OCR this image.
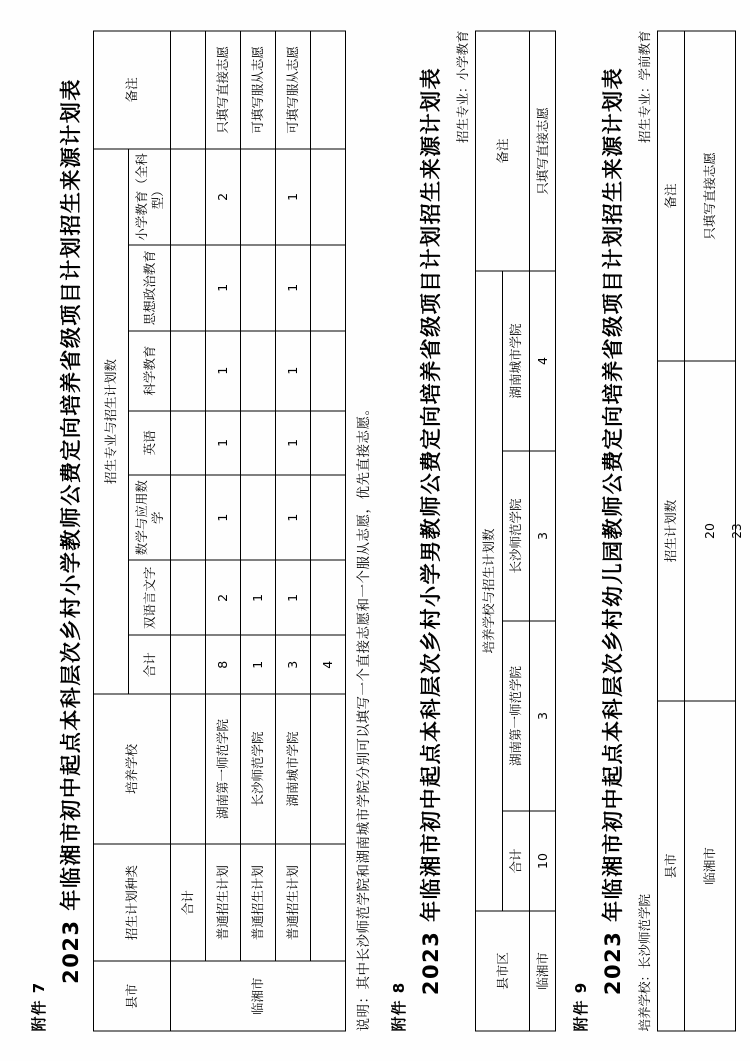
附件 7
2023 年临湘市初中起点本科层次乡村小学教师公费定向培养省级项目计划招生来源计划表
县市	招生计划种类	培养学校	招生专业与招生计划数							备注
			合计	双语言文字	数学与应用数学	英语	科学教育	思想政治教育	小学教育（全科型）	
临湘市	合计									
	普通招生计划	湖南第一师范学院	8	2	1	1	1	1	2	只填写直接志愿
	普通招生计划	长沙师范学院	1	1						可填写服从志愿
	普通招生计划	湖南城市学院	3	1	1	1	1	1	1	可填写服从志愿
			4							说明：其中长沙师范学院和湖南城市学院分别可以填写一个直接志愿和一个服从志愿，优先直接志愿。 附件 8
2023 年临湘市初中起点本科层次乡村小学男教师公费定向培养省级项目计划招生来源计划表 招生专业：小学教育
县市区	培养学校与招生计划数				备注
	合计	湖南第一师范学院	长沙师范学院	湖南城市学院	
临湘市	10	3	3	4	只填写直接志愿
附件 9
2023 年临湘市初中起点本科层次乡村幼儿园教师公费定向培养省级项目计划招生来源计划表 培养学校：长沙师范学院
招生专业：学前教育
县市	招生计划数	备注
临湘市	20	只填写直接志愿
23
